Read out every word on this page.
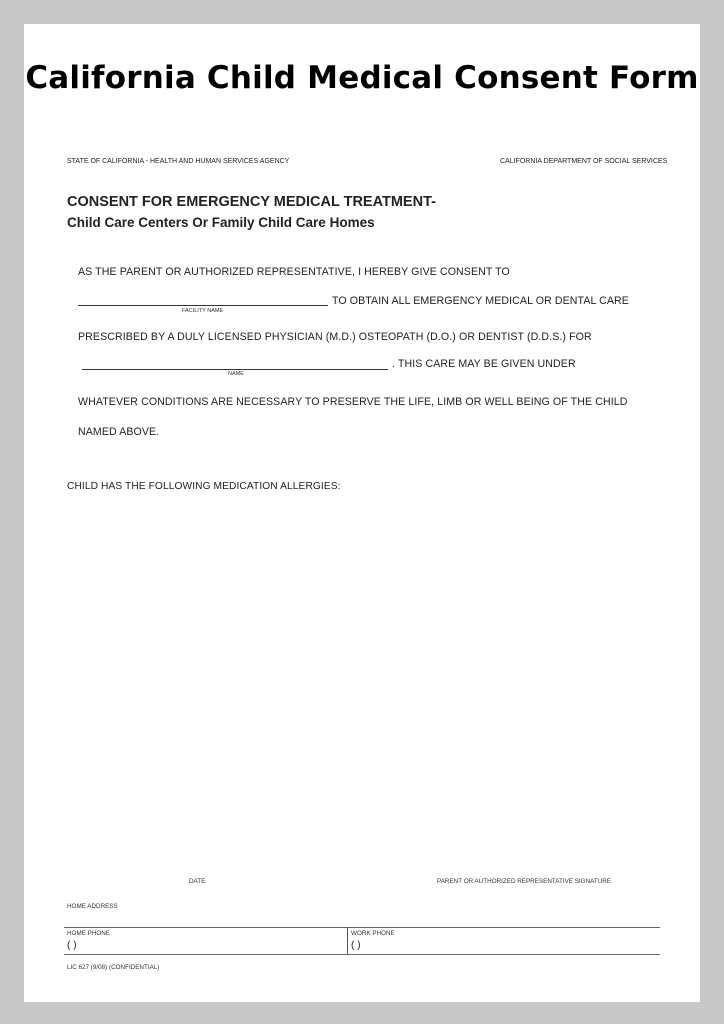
California Child Medical Consent Form
STATE OF CALIFORNIA - HEALTH AND HUMAN SERVICES AGENCY	CALIFORNIA DEPARTMENT OF SOCIAL SERVICES
CONSENT FOR EMERGENCY MEDICAL TREATMENT-
Child Care Centers Or Family Child Care Homes
AS THE PARENT OR AUTHORIZED REPRESENTATIVE, I HEREBY GIVE CONSENT TO
FACILITY NAME
TO OBTAIN ALL EMERGENCY MEDICAL OR DENTAL CARE
PRESCRIBED BY A DULY LICENSED PHYSICIAN (M.D.) OSTEOPATH (D.O.) OR DENTIST (D.D.S.) FOR
NAME
. THIS CARE MAY BE GIVEN UNDER
WHATEVER CONDITIONS ARE NECESSARY TO PRESERVE THE LIFE, LIMB OR WELL BEING OF THE CHILD
NAMED ABOVE.
CHILD HAS THE FOLLOWING MEDICATION ALLERGIES:
DATE	PARENT OR AUTHORIZED REPRESENTATIVE SIGNATURE
HOME ADDRESS
HOME PHONE
( )
WORK PHONE
( )
LIC 627 (9/08) (CONFIDENTIAL)
